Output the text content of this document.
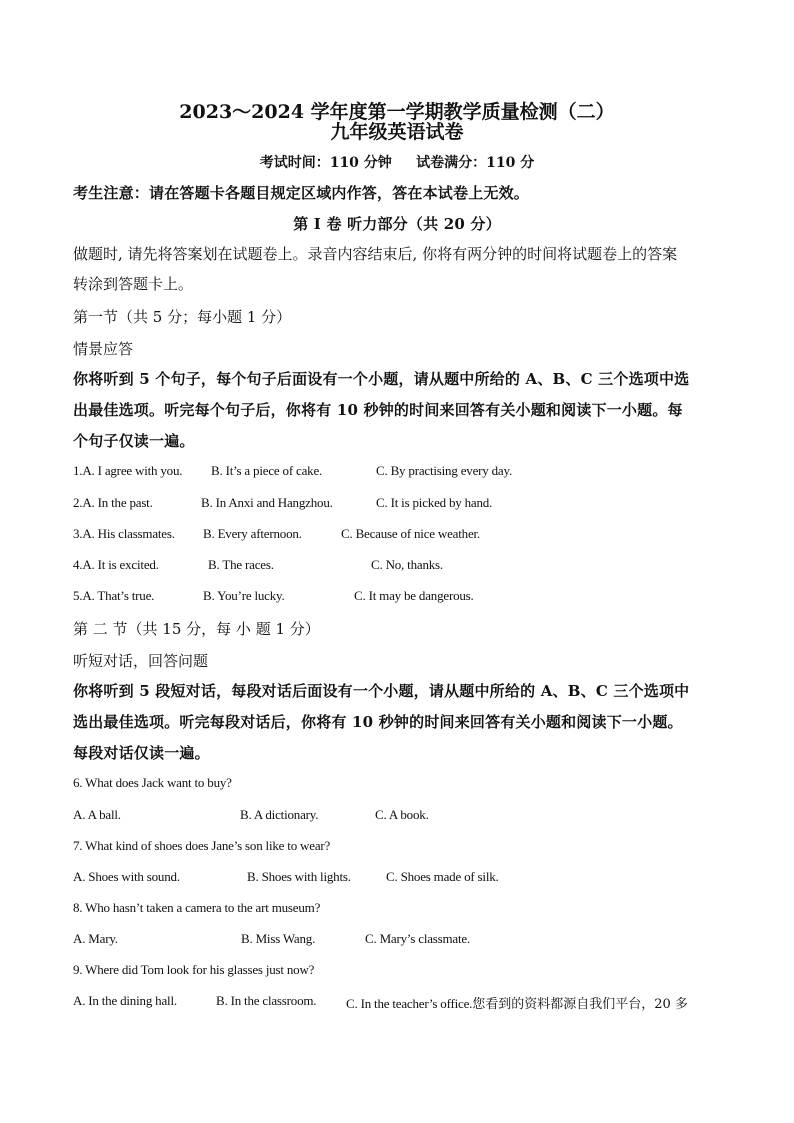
2023～2024 学年度第一学期教学质量检测（二）
九年级英语试卷
考试时间：110 分钟     试卷满分：110 分
考生注意：请在答题卡各题目规定区域内作答，答在本试卷上无效。
第 I 卷 听力部分（共 20 分）
做题时, 请先将答案划在试题卷上。录音内容结束后, 你将有两分钟的时间将试题卷上的答案
转涂到答题卡上。
第一节（共 5 分；每小题 1 分）
情景应答
你将听到 5 个句子，每个句子后面设有一个小题，请从题中所给的 A、B、C 三个选项中选
出最佳选项。听完每个句子后，你将有 10 秒钟的时间来回答有关小题和阅读下一小题。每
个句子仅读一遍。
1.A. I agree with you. B. It’s a piece of cake.	C. By practising every day.
2.A. In the past.	B. In Anxi and Hangzhou.	C. It is picked by hand.
3.A. His classmates. B. Every afternoon.	C. Because of nice weather.
4.A. It is excited.	B. The races.	C. No, thanks.
5.A. That’s true.	B. You’re lucky.	C. It may be dangerous.
第 二 节（共 15 分，每 小 题 1 分）
听短对话，回答问题
你将听到 5 段短对话，每段对话后面设有一个小题，请从题中所给的 A、B、C 三个选项中
选出最佳选项。听完每段对话后，你将有 10 秒钟的时间来回答有关小题和阅读下一小题。
每段对话仅读一遍。
6. What does Jack want to buy?
A. A ball.	B. A dictionary.	C. A book.
7. What kind of shoes does Jane’s son like to wear?
A. Shoes with sound.	B. Shoes with lights.	C. Shoes made of silk.
8. Who hasn’t taken a camera to the art museum?
A. Mary.	B. Miss Wang.	C. Mary’s classmate.
9. Where did Tom look for his glasses just now?
A. In the dining hall.	B. In the classroom. C. In the teacher’s office.您看到的资料都源自我们平台，20 多
